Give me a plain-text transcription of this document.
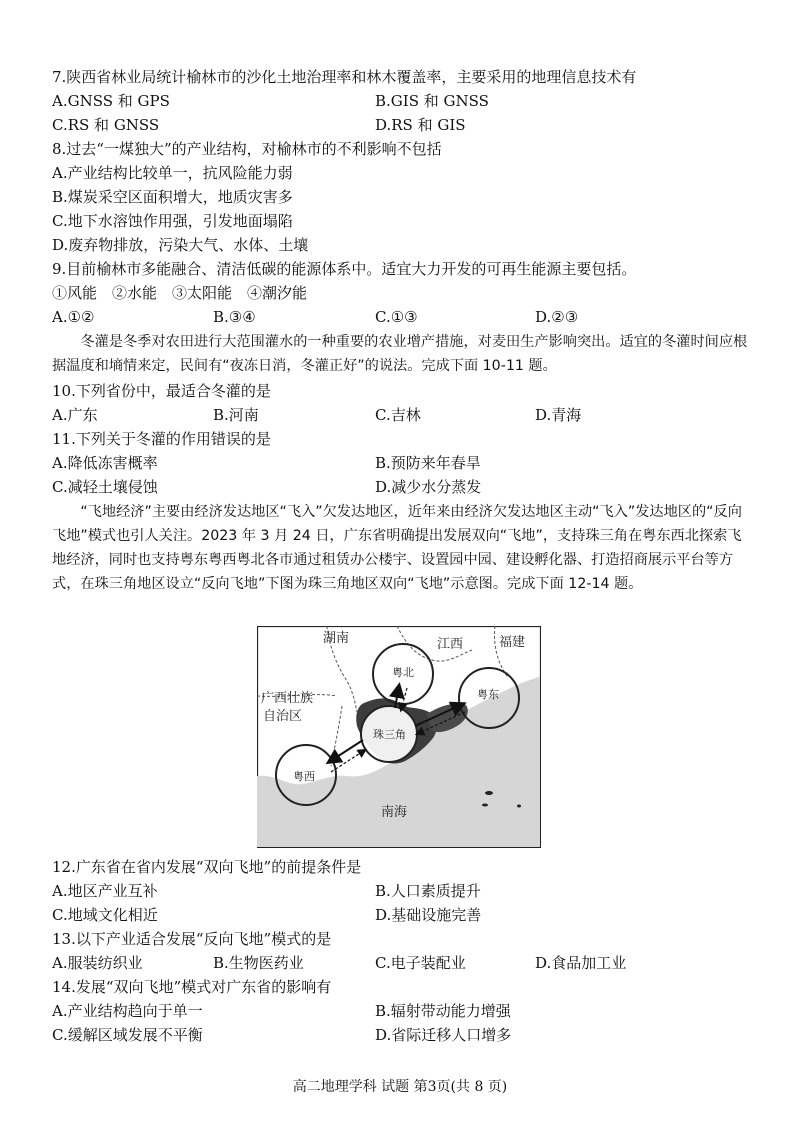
7.陕西省林业局统计榆林市的沙化土地治理率和林木覆盖率，主要采用的地理信息技术有
A.GNSS 和 GPS	B.GIS 和 GNSS
C.RS 和 GNSS	D.RS 和 GIS
8.过去“一煤独大”的产业结构，对榆林市的不利影响不包括
A.产业结构比较单一，抗风险能力弱
B.煤炭采空区面积增大，地质灾害多
C.地下水溶蚀作用强，引发地面塌陷
D.废弃物排放，污染大气、水体、土壤
9.目前榆林市多能融合、清洁低碳的能源体系中。适宜大力开发的可再生能源主要包括。
①风能　②水能　③太阳能　④潮汐能
A.①②	B.③④	C.①③	D.②③
冬灌是冬季对农田进行大范围灌水的一种重要的农业增产措施，对麦田生产影响突出。适宜的冬灌时间应根据温度和墒情来定，民间有“夜冻日消，冬灌正好”的说法。完成下面 10-11 题。
10.下列省份中，最适合冬灌的是
A.广东	B.河南	C.吉林	D.青海
11.下列关于冬灌的作用错误的是
A.降低冻害概率	B.预防来年春旱
C.减轻土壤侵蚀	D.减少水分蒸发
“飞地经济”主要由经济发达地区“飞入”欠发达地区，近年来由经济欠发达地区主动“飞入”发达地区的“反向飞地”模式也引人关注。2023 年 3 月 24 日，广东省明确提出发展双向“飞地”，支持珠三角在粤东西北探索飞地经济，同时也支持粤东粤西粤北各市通过租赁办公楼宇、设置园中园、建设孵化器、打造招商展示平台等方式，在珠三角地区设立“反向飞地”下图为珠三角地区双向“飞地”示意图。完成下面 12-14 题。
湖南	江西	福建
广西壮族
自治区
南海
粤北
粤东
粤西
珠三角
12.广东省在省内发展“双向飞地”的前提条件是
A.地区产业互补	B.人口素质提升
C.地域文化相近	D.基础设施完善
13.以下产业适合发展“反向飞地”模式的是
A.服装纺织业	B.生物医药业	C.电子装配业	D.食品加工业
14.发展“双向飞地”模式对广东省的影响有
A.产业结构趋向于单一	B.辐射带动能力增强
C.缓解区域发展不平衡	D.省际迁移人口增多
高二地理学科 试题 第3页(共 8 页)
